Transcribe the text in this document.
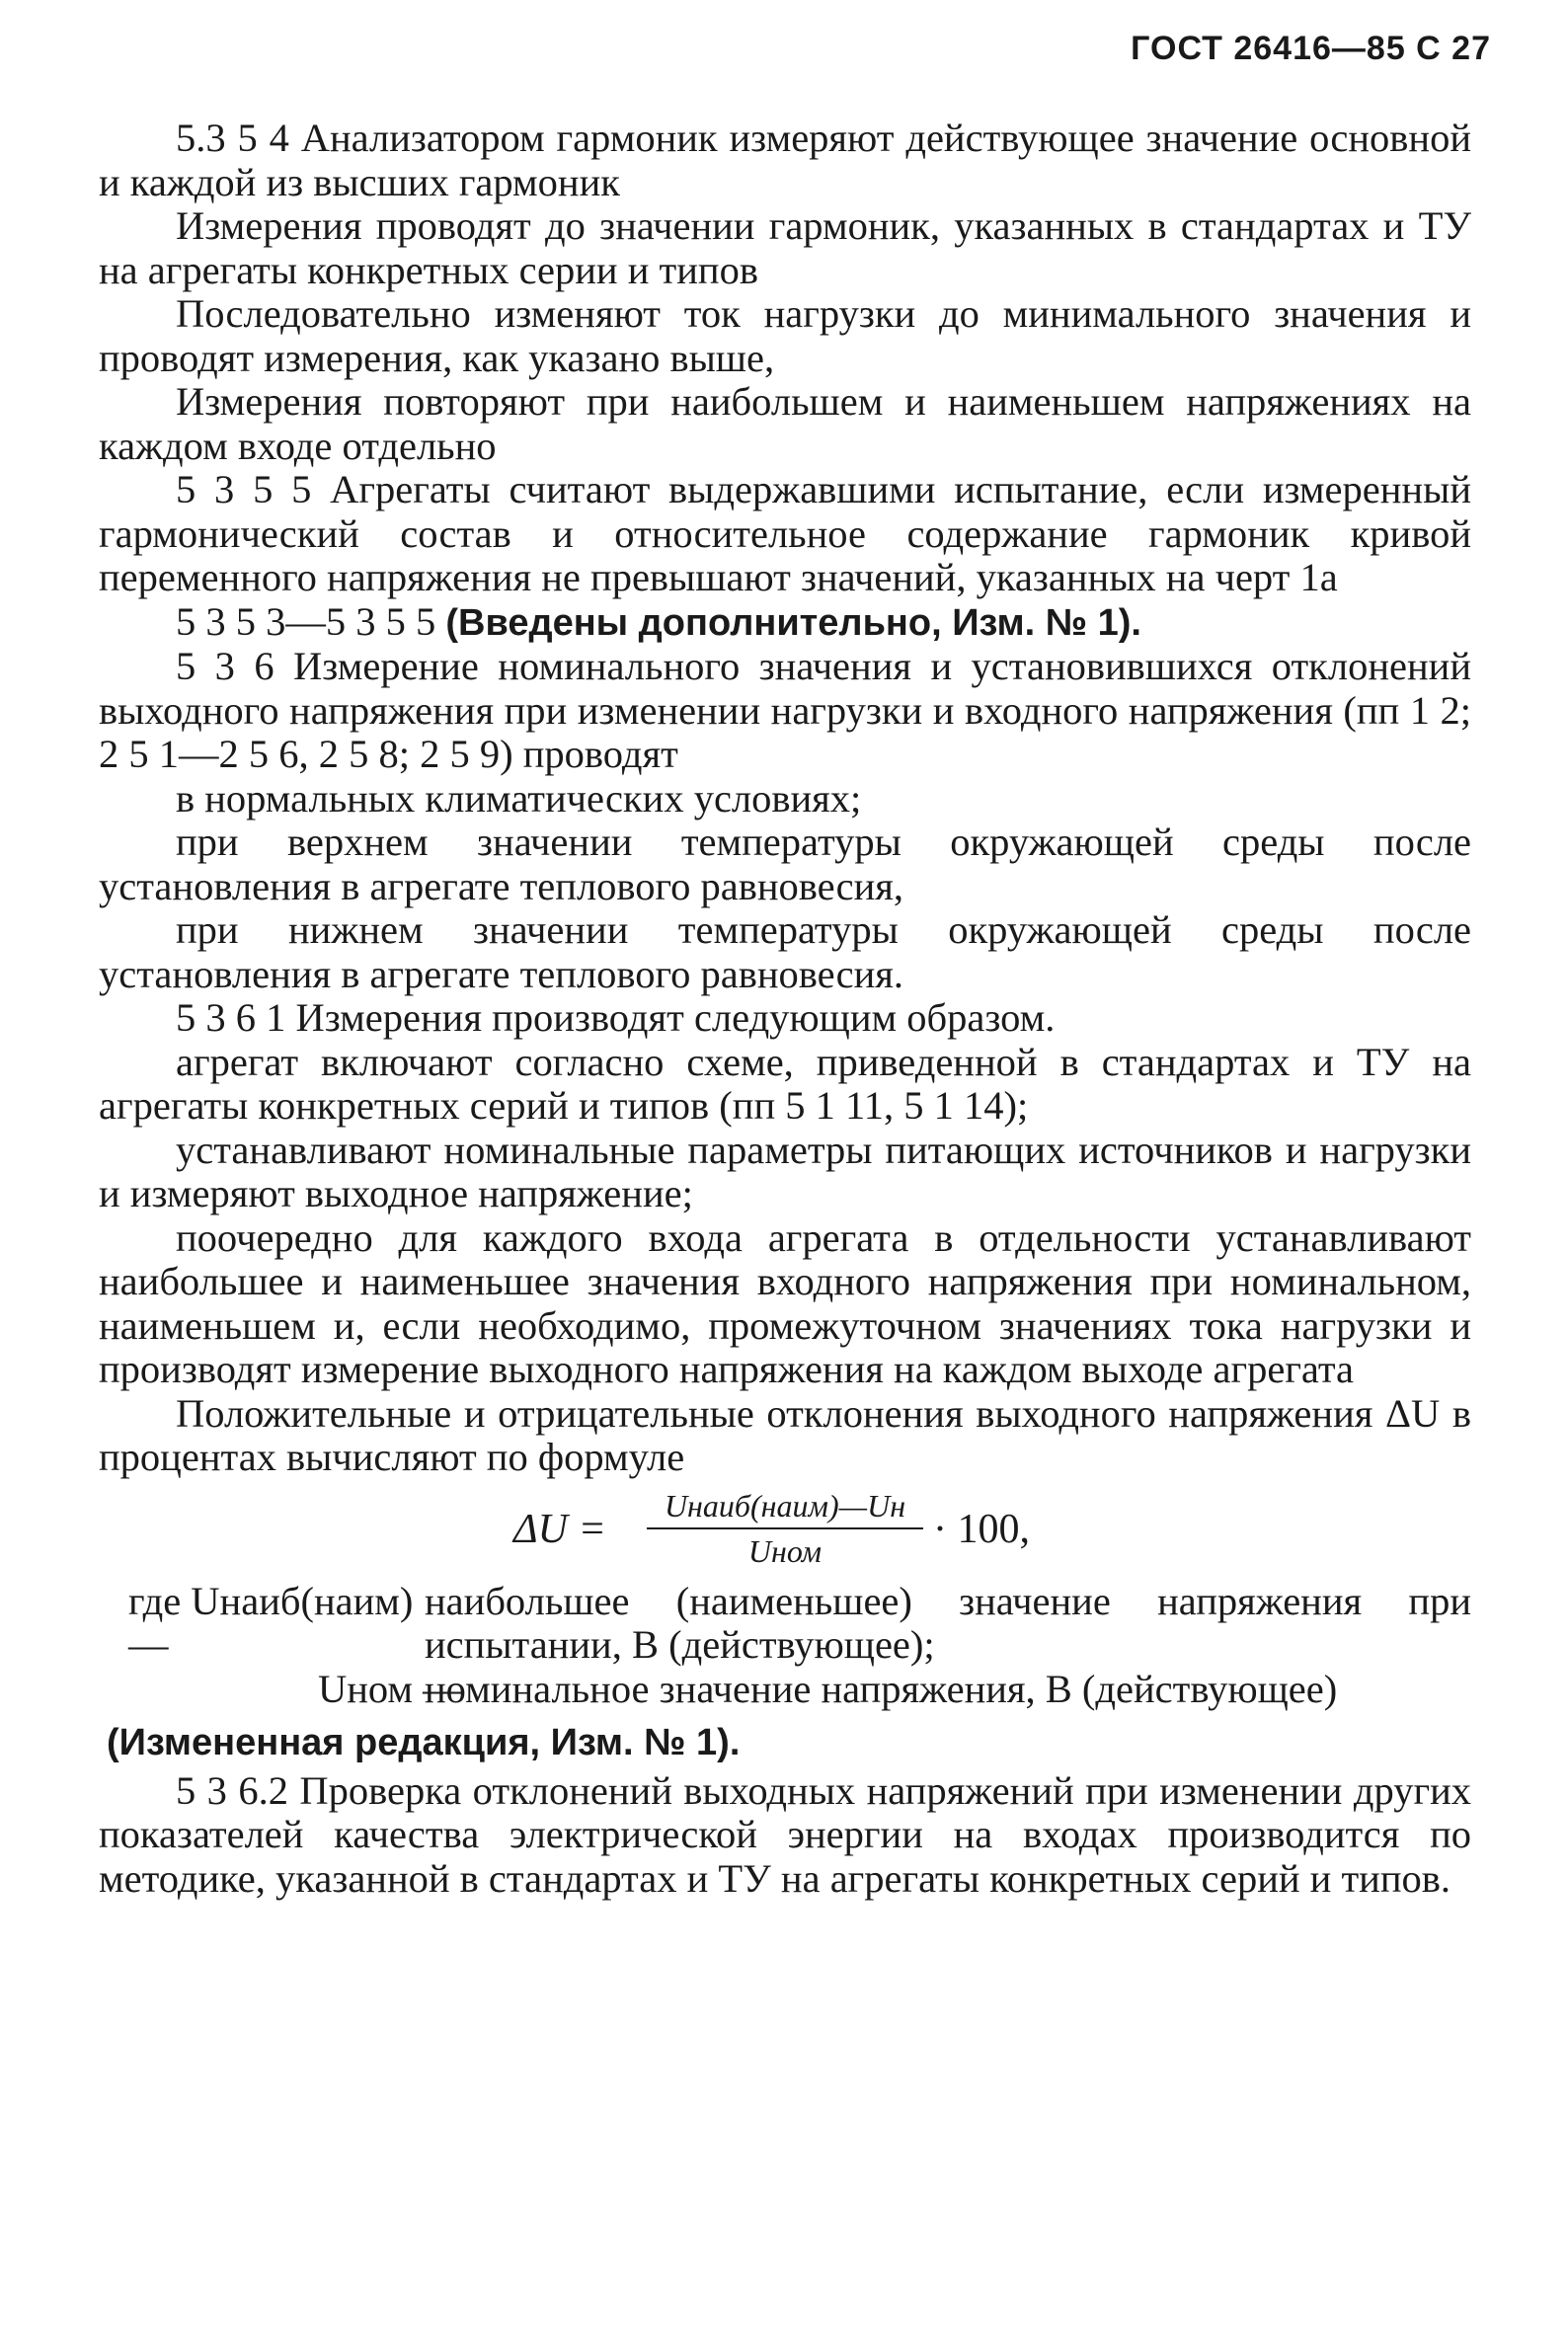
ГОСТ 26416—85 С 27

5.3 5 4 Анализатором гармоник измеряют действующее значение основной и каждой из высших гармоник

Измерения проводят до значении гармоник, указанных в стандартах и ТУ на агрегаты конкретных серии и типов

Последовательно изменяют ток нагрузки до минимального значения и проводят измерения, как указано выше,

Измерения повторяют при наибольшем и наименьшем напряжениях на каждом входе отдельно

5 3 5 5 Агрегаты считают выдержавшими испытание, если измеренный гармонический состав и относительное содержание гармоник кривой переменного напряжения не превышают значений, указанных на черт 1а

5 3 5 3—5 3 5 5 (Введены дополнительно, Изм. № 1).

5 3 6 Измерение номинального значения и установившихся отклонений выходного напряжения при изменении нагрузки и входного напряжения (пп 1 2; 2 5 1—2 5 6, 2 5 8; 2 5 9) проводят

в нормальных климатических условиях;

при верхнем значении температуры окружающей среды после установления в агрегате теплового равновесия,

при нижнем значении температуры окружающей среды после установления в агрегате теплового равновесия.

5 3 6 1 Измерения производят следующим образом.

агрегат включают согласно схеме, приведенной в стандартах и ТУ на агрегаты конкретных серий и типов (пп 5 1 11, 5 1 14);

устанавливают номинальные параметры питающих источников и нагрузки и измеряют выходное напряжение;

поочередно для каждого входа агрегата в отдельности устанавливают наибольшее и наименьшее значения входного напряжения при номинальном, наименьшем и, если необходимо, промежуточном значениях тока нагрузки и производят измерение выходного напряжения на каждом выходе агрегата

Положительные и отрицательные отклонения выходного напряжения ΔU в процентах вычисляют по формуле

ΔU =
Uнаиб(наим)—Uн
Uном	· 100,
где Uнаиб(наим) —
наибольшее (наименьшее) значение напряжения при испытании, В (действующее);
Uном —
номинальное значение напряжения, В (действующее)

(Измененная редакция, Изм. № 1).

5 3 6.2 Проверка отклонений выходных напряжений при изменении других показателей качества электрической энергии на входах производится по методике, указанной в стандартах и ТУ на агрегаты конкретных серий и типов.
